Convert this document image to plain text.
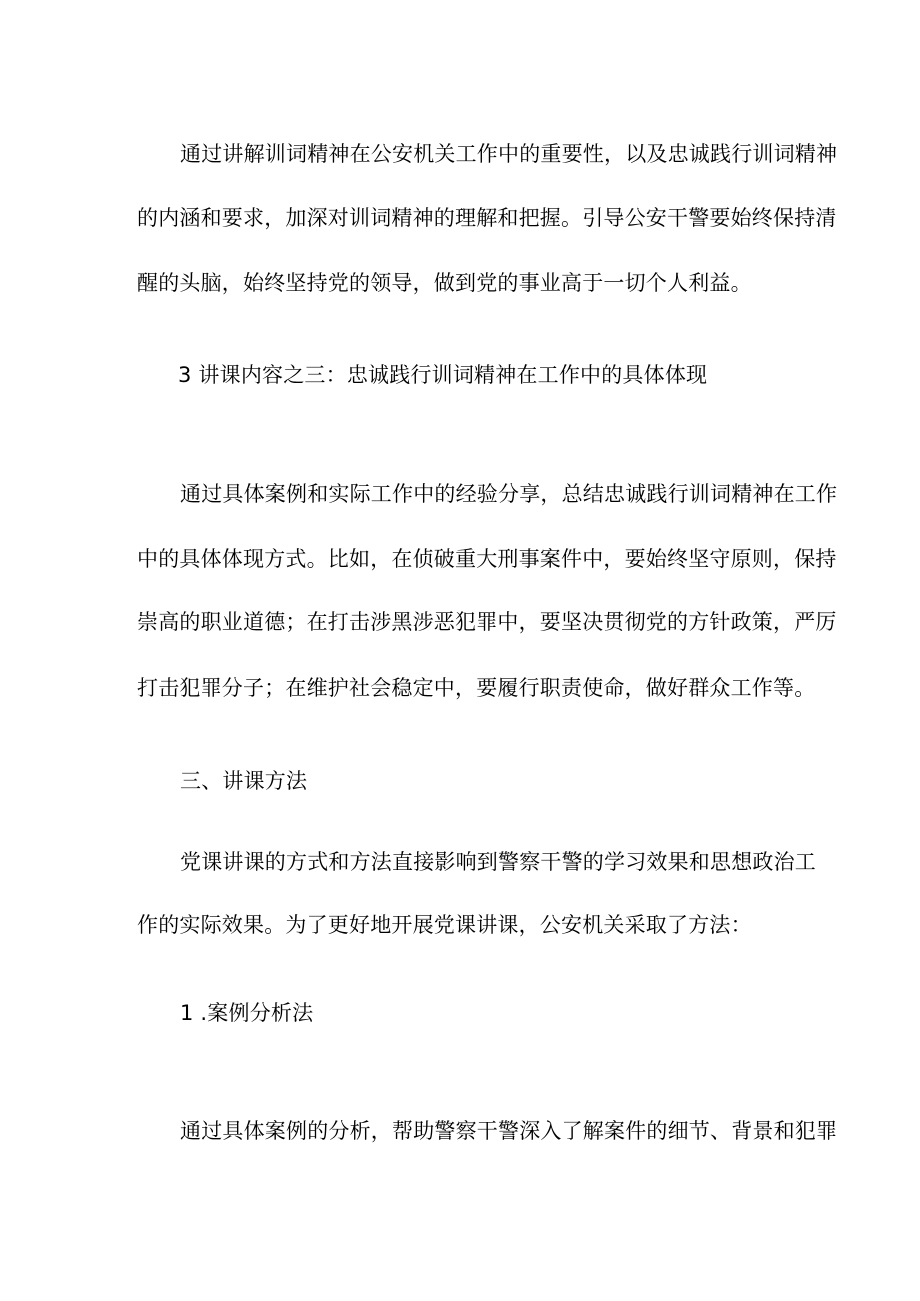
通过讲解训词精神在公安机关工作中的重要性，以及忠诚践行训词精神
的内涵和要求，加深对训词精神的理解和把握。引导公安干警要始终保持清
醒的头脑，始终坚持党的领导，做到党的事业高于一切个人利益。
3 讲课内容之三：忠诚践行训词精神在工作中的具体体现
通过具体案例和实际工作中的经验分享，总结忠诚践行训词精神在工作
中的具体体现方式。比如，在侦破重大刑事案件中，要始终坚守原则，保持
崇高的职业道德；在打击涉黑涉恶犯罪中，要坚决贯彻党的方针政策，严厉
打击犯罪分子；在维护社会稳定中，要履行职责使命，做好群众工作等。
三、讲课方法
党课讲课的方式和方法直接影响到警察干警的学习效果和思想政治工
作的实际效果。为了更好地开展党课讲课，公安机关采取了方法：
1 .案例分析法
通过具体案例的分析，帮助警察干警深入了解案件的细节、背景和犯罪
